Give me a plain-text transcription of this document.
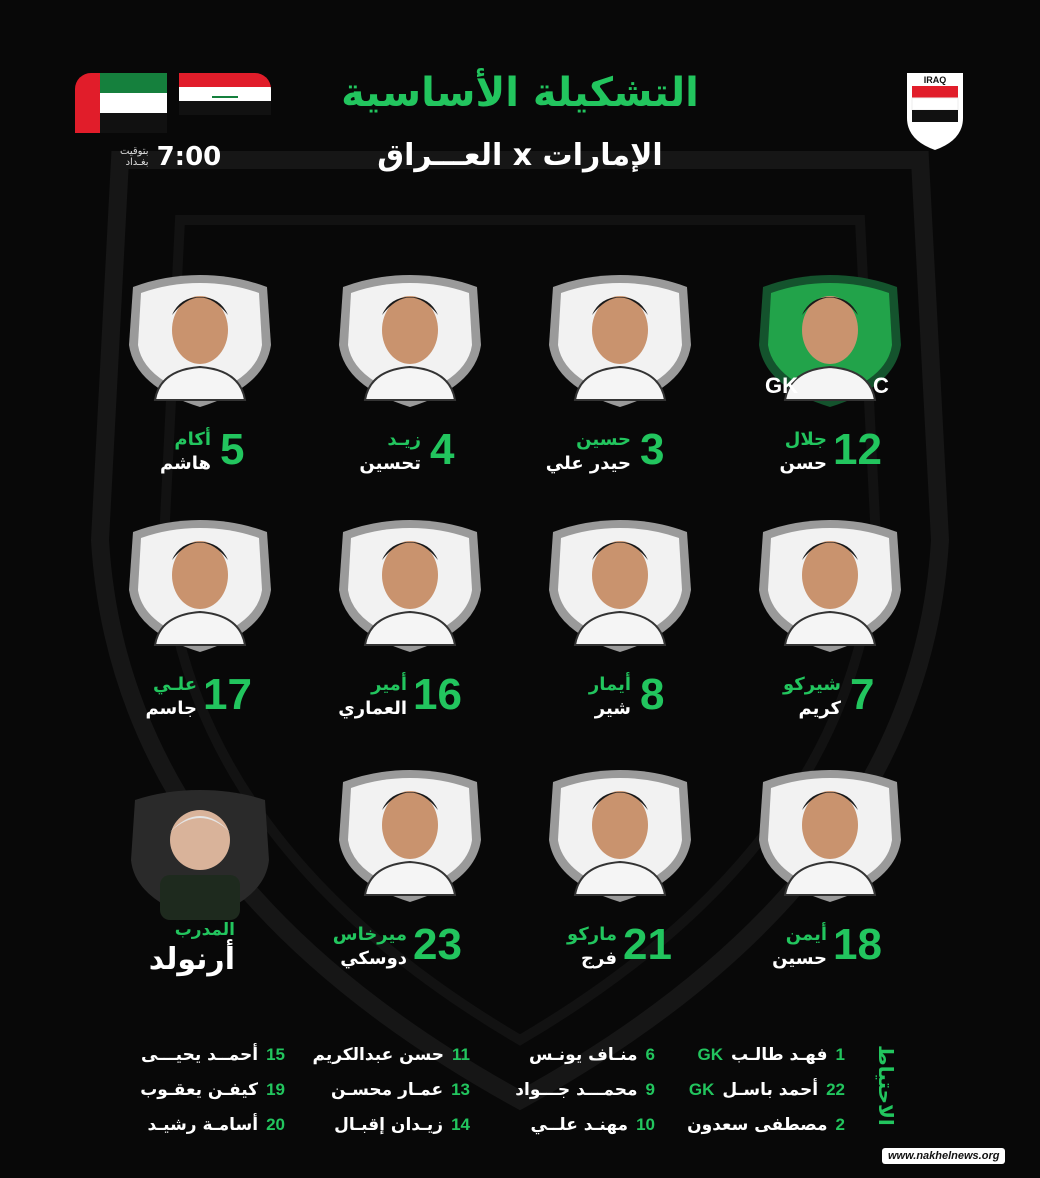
بتوقيت
بغـداد 7:00
التشكيلة الأساسية
العـــراق x الإمارات
IRAQ
12
جلال
حسن
GK	C
3
حسين
حيدر علي
4
زيـد
تحسين
5
أكام
هاشم
7
شيركو
كريم
8
أيمار
شير
16
أمير
العماري
17
علـي
جاسم
18
أيمن
حسين
21
ماركو
فرج
23
ميرخاس
دوسكي
المدرب
أرنولد
الاحتياط
1
فهـد طالـب
GK
22
أحمد باسـل
GK
2
مصطفى سعدون
6
منـاف يونـس
9
محمـــد جـــواد
10
مهنـد علــي
11
حسن عبدالكريم
13
عمـار محسـن
14
زيـدان إقبـال
15
أحمــد يحيـــى
19
كيفـن يعقـوب
20
أسامـة رشيـد
www.nakhelnews.org
